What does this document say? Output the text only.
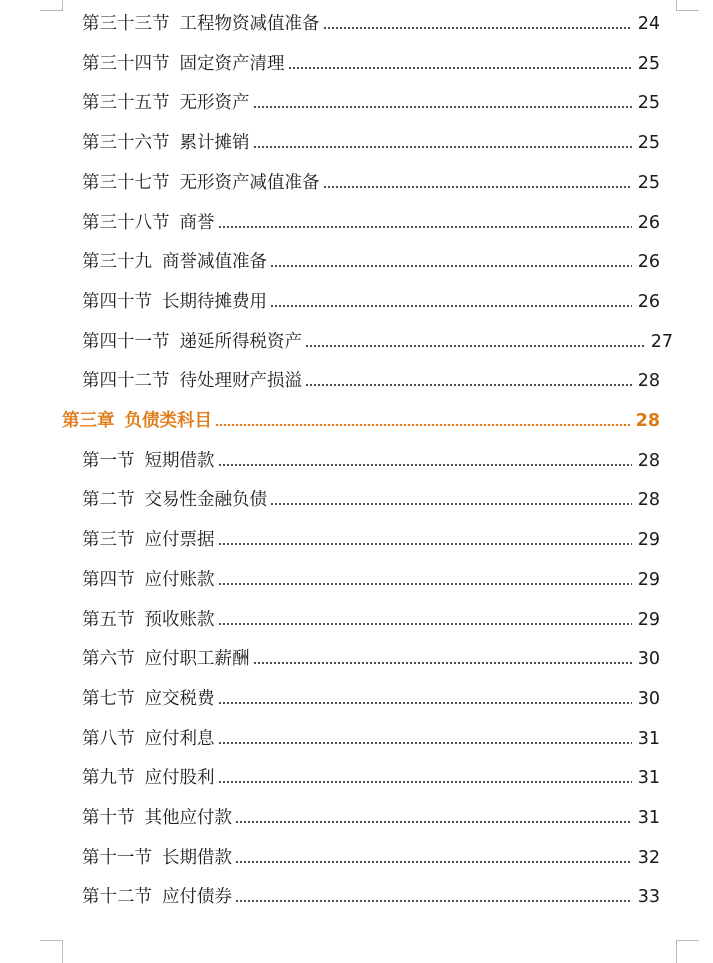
第三十三节 工程物资减值准备	24
第三十四节 固定资产清理	25
第三十五节 无形资产	25
第三十六节 累计摊销	25
第三十七节 无形资产减值准备	25
第三十八节 商誉	26
第三十九 商誉减值准备	26
第四十节 长期待摊费用	26
第四十一节 递延所得税资产	27
第四十二节 待处理财产损溢	28
第三章 负债类科目	28
第一节 短期借款	28
第二节 交易性金融负债	28
第三节 应付票据	29
第四节 应付账款	29
第五节 预收账款	29
第六节 应付职工薪酬	30
第七节 应交税费	30
第八节 应付利息	31
第九节 应付股利	31
第十节 其他应付款	31
第十一节 长期借款	32
第十二节 应付债券	33
